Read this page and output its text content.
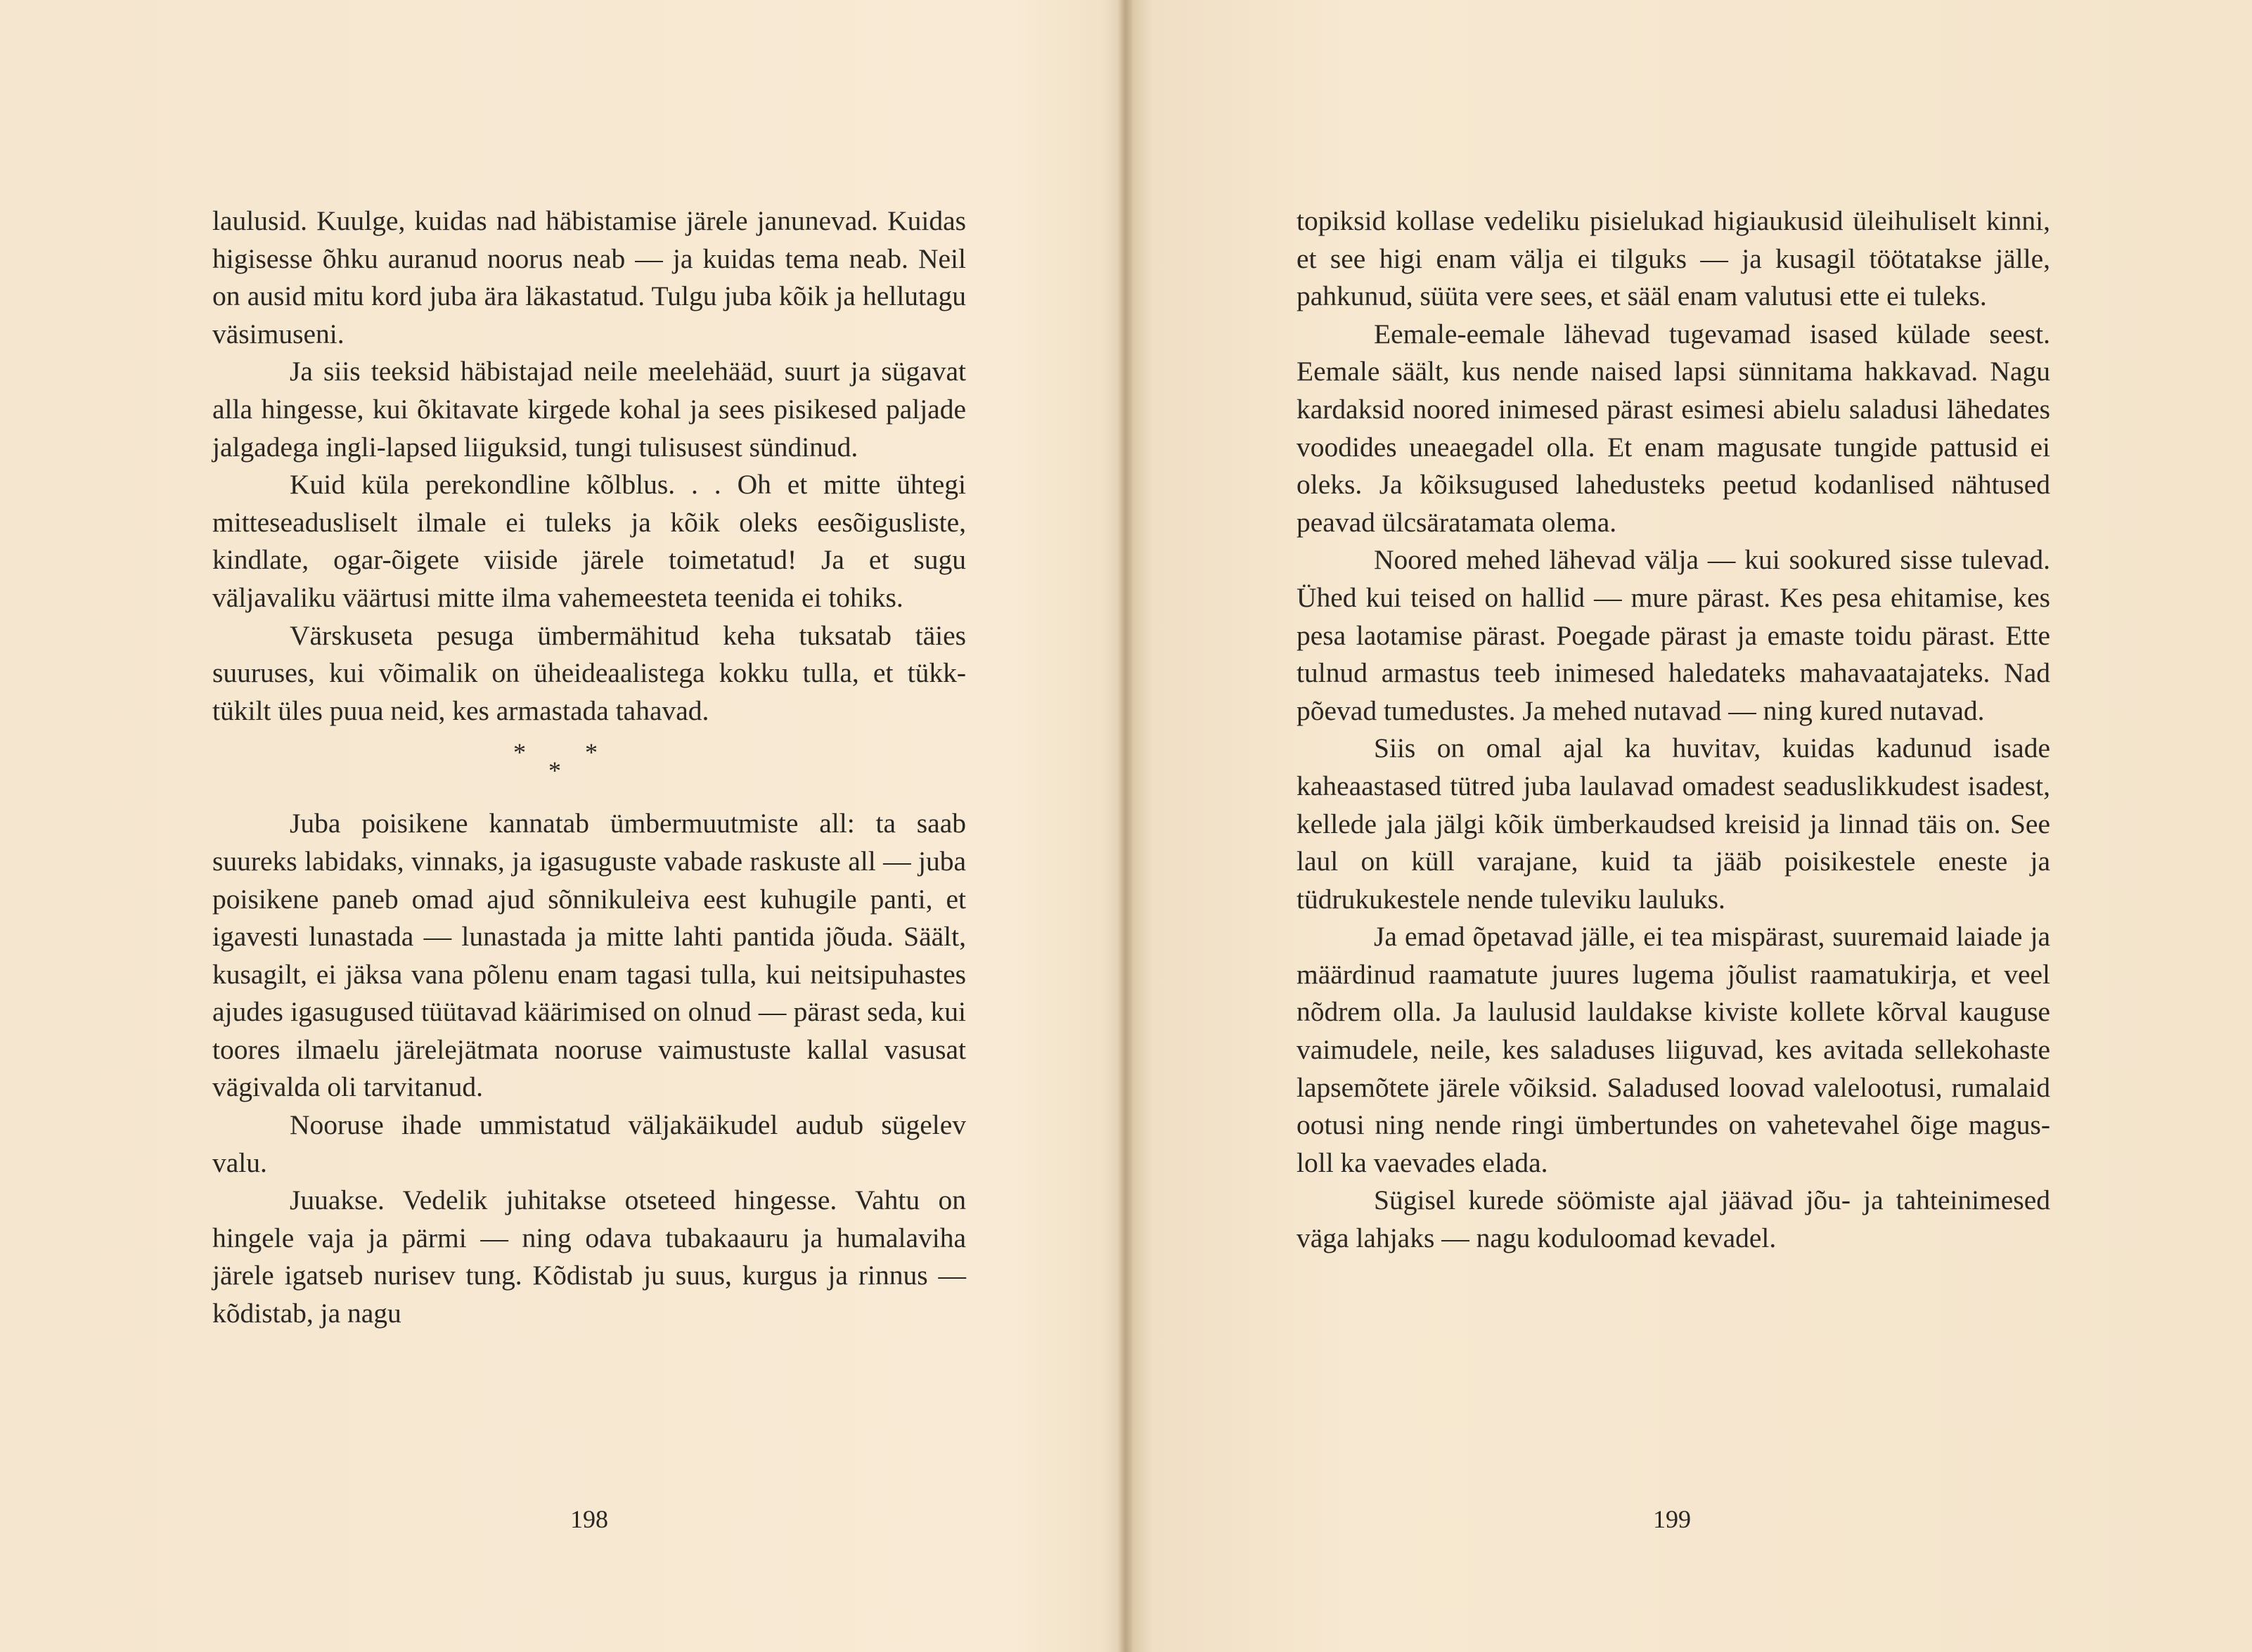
laulusid. Kuulge, kuidas nad häbistamise järele janunevad. Kuidas higisesse õhku auranud noorus neab — ja kuidas tema neab. Neil on ausid mitu kord juba ära läkastatud. Tulgu juba kõik ja hellutagu väsimuseni.

Ja siis teeksid häbistajad neile meelehääd, suurt ja sügavat alla hingesse, kui õkitavate kirgede kohal ja sees pisikesed paljade jalgadega ingli-lapsed liiguksid, tungi tulisusest sündinud.

Kuid küla perekondline kõlblus. . . Oh et mitte ühtegi mitteseadusliselt ilmale ei tuleks ja kõik oleks eesõigusliste, kindlate, ogar-õigete viiside järele toimetatud! Ja et sugu väljavaliku väärtusi mitte ilma vahemeesteta teenida ei tohiks.

Värskuseta pesuga ümbermähitud keha tuksatab täies suuruses, kui võimalik on üheideaalistega kokku tulla, et tükk-tükilt üles puua neid, kes armastada tahavad.

* *
*

Juba poisikene kannatab ümbermuutmiste all: ta saab suureks labidaks, vinnaks, ja igasuguste vabade raskuste all — juba poisikene paneb omad ajud sõnnikuleiva eest kuhugile panti, et igavesti lunastada — lunastada ja mitte lahti pantida jõuda. Säält, kusagilt, ei jäksa vana põlenu enam tagasi tulla, kui neitsipuhastes ajudes igasugused tüütavad käärimised on olnud — pärast seda, kui toores ilmaelu järelejätmata nooruse vaimustuste kallal vasusat vägivalda oli tarvitanud.

Nooruse ihade ummistatud väljakäikudel audub sügelev valu.

Juuakse. Vedelik juhitakse otseteed hingesse. Vahtu on hingele vaja ja pärmi — ning odava tubakaauru ja humalaviha järele igatseb nurisev tung. Kõdistab ju suus, kurgus ja rinnus — kõdistab, ja nagu

topiksid kollase vedeliku pisielukad higiaukusid üleihuliselt kinni, et see higi enam välja ei tilguks — ja kusagil töötatakse jälle, pahkunud, süüta vere sees, et sääl enam valutusi ette ei tuleks.

Eemale-eemale lähevad tugevamad isased külade seest. Eemale säält, kus nende naised lapsi sünnitama hakkavad. Nagu kardaksid noored inimesed pärast esimesi abielu saladusi lähedates voodides uneaegadel olla. Et enam magusate tungide pattusid ei oleks. Ja kõiksugused lahedusteks peetud kodanlised nähtused peavad ülcsäratamata olema.

Noored mehed lähevad välja — kui sookured sisse tulevad. Ühed kui teised on hallid — mure pärast. Kes pesa ehitamise, kes pesa laotamise pärast. Poegade pärast ja emaste toidu pärast. Ette tulnud armastus teeb inimesed haledateks mahavaatajateks. Nad põevad tumedustes. Ja mehed nutavad — ning kured nutavad.

Siis on omal ajal ka huvitav, kuidas kadunud isade kaheaastased tütred juba laulavad omadest seaduslikkudest isadest, kellede jala jälgi kõik ümberkaudsed kreisid ja linnad täis on. See laul on küll varajane, kuid ta jääb poisikestele eneste ja tüdrukukestele nende tuleviku lauluks.

Ja emad õpetavad jälle, ei tea mispärast, suuremaid laiade ja määrdinud raamatute juures lugema jõulist raamatukirja, et veel nõdrem olla. Ja laulusid lauldakse kiviste kollete kõrval kauguse vaimudele, neile, kes saladuses liiguvad, kes avitada sellekohaste lapsemõtete järele võiksid. Saladused loovad valelootusi, rumalaid ootusi ning nende ringi ümbertundes on vahetevahel õige magus-loll ka vaevades elada.

Sügisel kurede söömiste ajal jäävad jõu- ja tahteinimesed väga lahjaks — nagu koduloomad kevadel.

198	199
